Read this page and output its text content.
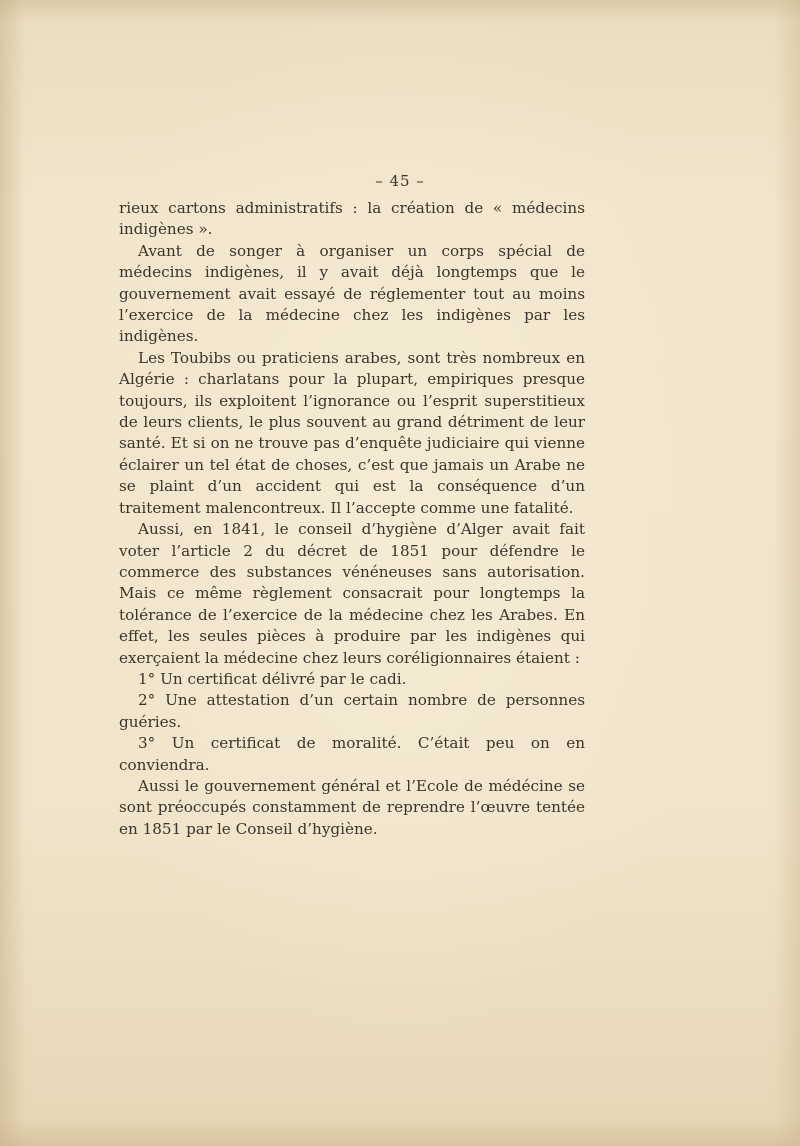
– 45 –

rieux cartons administratifs : la création de « médecins indigènes ».

Avant de songer à organiser un corps spécial de médecins indigènes, il y avait déjà longtemps que le gouvernement avait essayé de réglementer tout au moins l’exercice de la médecine chez les indigènes par les indigènes.

Les Toubibs ou praticiens arabes, sont très nombreux en Algérie : charlatans pour la plupart, empiriques presque toujours, ils exploitent l’ignorance ou l’esprit superstitieux de leurs clients, le plus souvent au grand détriment de leur santé. Et si on ne trouve pas d’enquête judiciaire qui vienne éclairer un tel état de choses, c’est que jamais un Arabe ne se plaint d’un accident qui est la conséquence d’un traitement malencontreux. Il l’accepte comme une fatalité.

Aussi, en 1841, le conseil d’hygiène d’Alger avait fait voter l’article 2 du décret de 1851 pour défendre le commerce des substances vénéneuses sans autorisation. Mais ce même règlement consacrait pour longtemps la tolérance de l’exercice de la médecine chez les Arabes. En effet, les seules pièces à produire par les indigènes qui exerçaient la médecine chez leurs coréligionnaires étaient :

1° Un certificat délivré par le cadi.

2° Une attestation d’un certain nombre de personnes guéries.

3° Un certificat de moralité. C’était peu on en conviendra.

Aussi le gouvernement général et l’Ecole de médécine se sont préoccupés constamment de reprendre l’œuvre tentée en 1851 par le Conseil d’hygiène.
